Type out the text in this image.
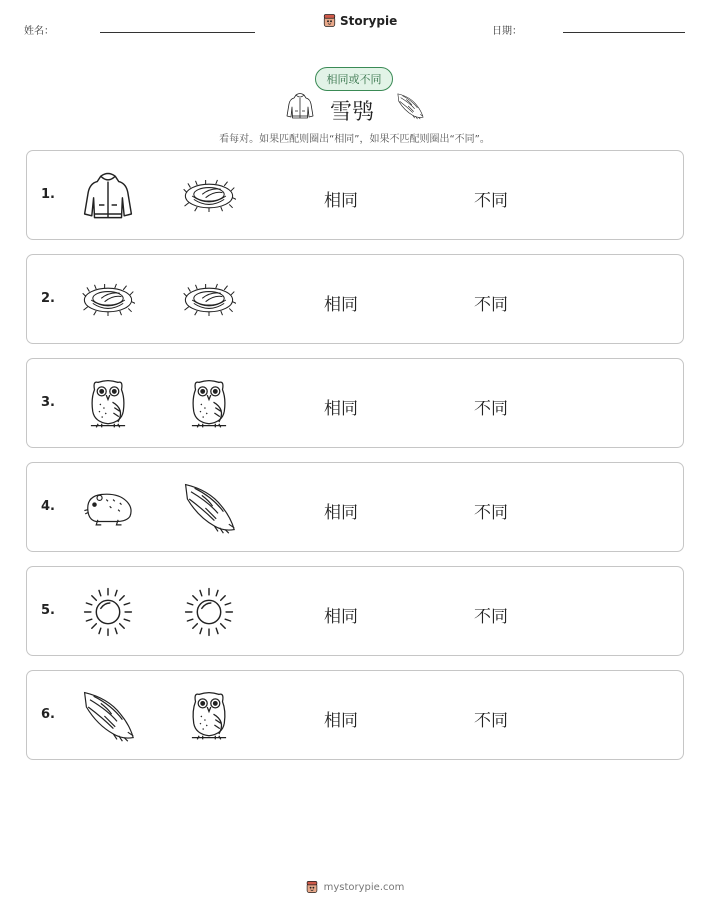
姓名：
Storypie
日期：
相同或不同
雪鸮
看每对。如果匹配则圈出“相同”，如果不匹配则圈出“不同”。
1.	相同	不同
2.	相同	不同
3.	相同	不同
4.	相同	不同
5.	相同	不同
6.	相同	不同
mystorypie.com
